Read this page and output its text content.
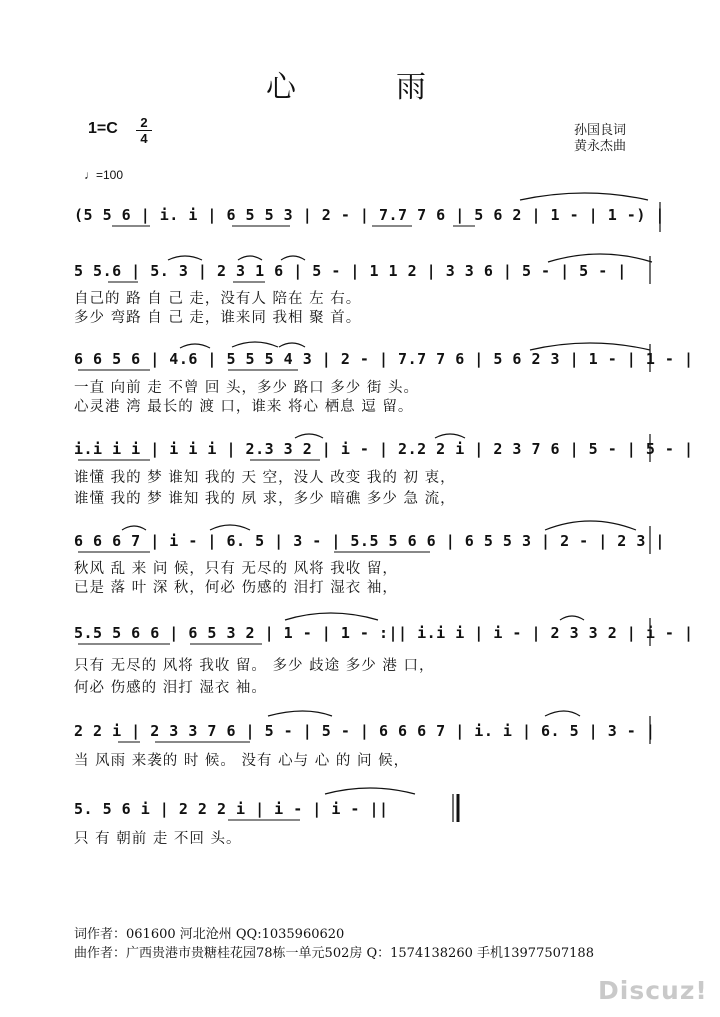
心	雨
1=C	2
4
♩=100
孙国良词
黄永杰曲
(5 5 6 | i. i | 6 5 5 3 | 2 - | 7.7 7 6 | 5 6 2 | 1 - | 1 -) |
5 5.6 | 5. 3 | 2 3 1 6 | 5 - | 1 1 2 | 3 3 6 | 5 - | 5 - |
自己的 路 自 己 走，没有人 陪在 左 右。
多少 弯路 自 己 走，谁来同 我相 聚 首。
6 6 5 6 | 4.6 | 5 5 5 4 3 | 2 - | 7.7 7 6 | 5 6 2 3 | 1 - | 1 - |
一直 向前 走 不曾 回 头，多少 路口 多少 街 头。
心灵港 湾 最长的 渡 口，谁来 将心 栖息 逗 留。
i.i i i | i i i | 2.3 3 2 | i - | 2.2 2 i | 2 3 7 6 | 5 - | 5 - |
谁懂 我的 梦 谁知 我的 天 空，没人 改变 我的 初 衷，
谁懂 我的 梦 谁知 我的 夙 求，多少 暗礁 多少 急 流，
6 6 6 7 | i - | 6. 5 | 3 - | 5.5 5 6 6 | 6 5 5 3 | 2 - | 2 3 |
秋风 乱 来 问 候，只有 无尽的 风将 我收 留，
已是 落 叶 深 秋，何必 伤感的 泪打 湿衣 袖，
5.5 5 6 6 | 6 5 3 2 | 1 - | 1 - :|| i.i i | i - | 2 3 3 2 | i - |
只有 无尽的 风将 我收 留。 多少 歧途 多少 港 口，
何必 伤感的 泪打 湿衣 袖。
2 2 i | 2 3 3 7 6 | 5 - | 5 - | 6 6 6 7 | i. i | 6. 5 | 3 - |
当 风雨 来袭的 时 候。 没有 心与 心 的 问 候，
5. 5 6 i | 2 2 2 i | i - | i - ||
只 有 朝前 走 不回 头。
词作者：061600 河北沧州 QQ:1035960620
曲作者：广西贵港市贵糖桂花园78栋一单元502房 Q：1574138260 手机13977507188
Discuz!
